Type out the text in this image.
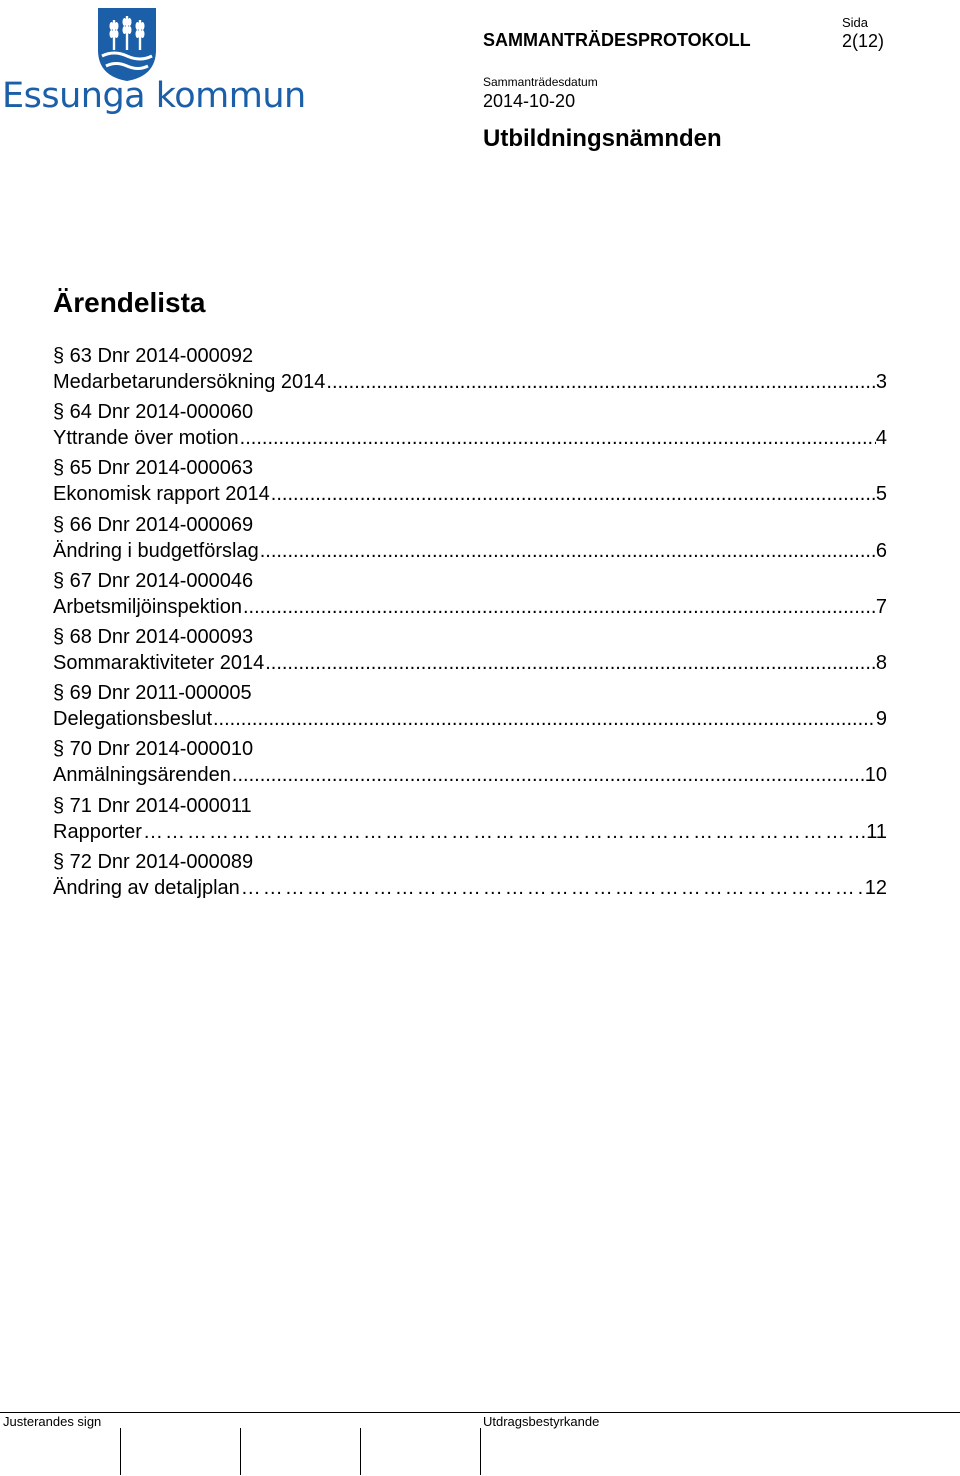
Essunga kommun
SAMMANTRÄDESPROTOKOLL
Sida
2(12)
Sammanträdesdatum
2014-10-20
Utbildningsnämnden
Ärendelista
§ 63 Dnr 2014-000092
Medarbetarundersökning 2014 .....	3
§ 64 Dnr 2014-000060
Yttrande över motion .....	4
§ 65 Dnr 2014-000063
Ekonomisk rapport 2014 .....	5
§ 66 Dnr 2014-000069
Ändring i budgetförslag .....	6
§ 67 Dnr 2014-000046
Arbetsmiljöinspektion .....	7
§ 68 Dnr 2014-000093
Sommaraktiviteter 2014 .....	8
§ 69 Dnr 2011-000005
Delegationsbeslut .....	9
§ 70 Dnr 2014-000010
Anmälningsärenden .....	10
§ 71 Dnr 2014-000011
Rapporter …………………………………………………………………………………………………………………………………………………………………	11
§ 72 Dnr 2014-000089
Ändring av detaljplan …………………………………………………………………………………………………………………………………………………………………	12
Justerandes sign	Utdragsbestyrkande
